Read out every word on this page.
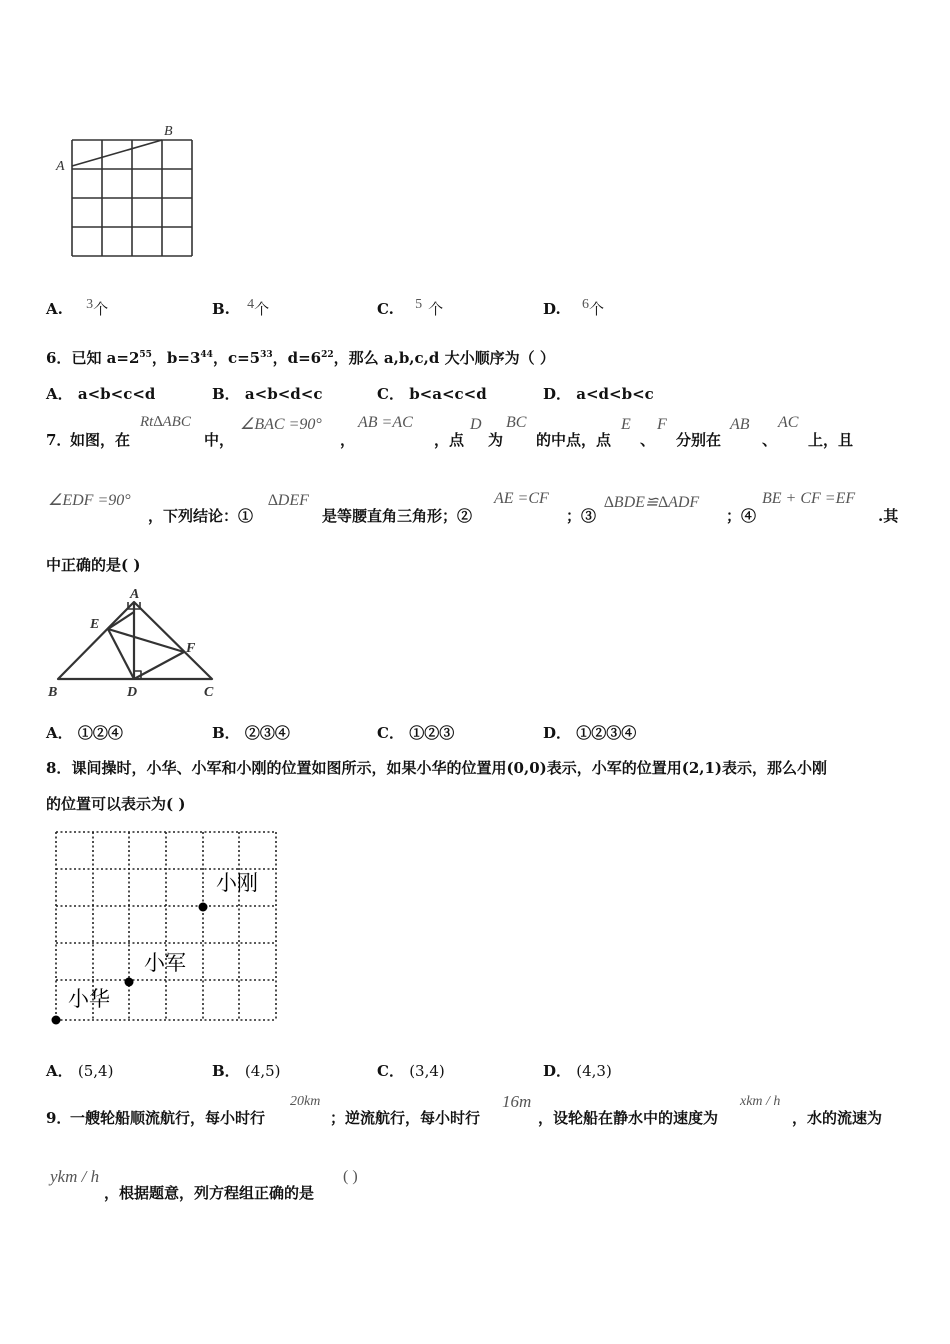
A
B
A. 3个	B. 4个	C. 5 个	D. 6个
6．已知 $a=2^{55}$，$b=3^{44}$，$c=5^{33}$，$d=6^{22}$，那么 a,b,c,d 大小顺序为（ ）
A． a<b<c<d	B． a<b<d<c	C． b<a<c<d	D． a<d<b<c
7．
如图，在
Rt∆ABC
中，
∠BAC =90°
，
AB =AC
，点
D
为
BC
的中点，点
E
、
F
分别在
AB
、
AC
上，且
∠EDF =90°
，下列结论：①
∆DEF
是等腰直角三角形；②
AE =CF
；③
∆BDE≌∆ADF
；④
BE + CF =EF
.其
中正确的是( )
A
E
F
B	D	C
A． ①②④	B． ②③④	C． ①②③	D． ①②③④
8．课间操时，小华、小军和小刚的位置如图所示，如果小华的位置用(0,0)表示，小军的位置用(2,1)表示，那么小刚
的位置可以表示为( )
小华
小军
小刚
A． (5,4)	B． (4,5)	C． (3,4)	D． (4,3)
9．
一艘轮船顺流航行，每小时行
20km
；逆流航行，每小时行
16m
，设轮船在静水中的速度为
xkm / h
，水的流速为
ykm / h
，根据题意，列方程组正确的是
( )
